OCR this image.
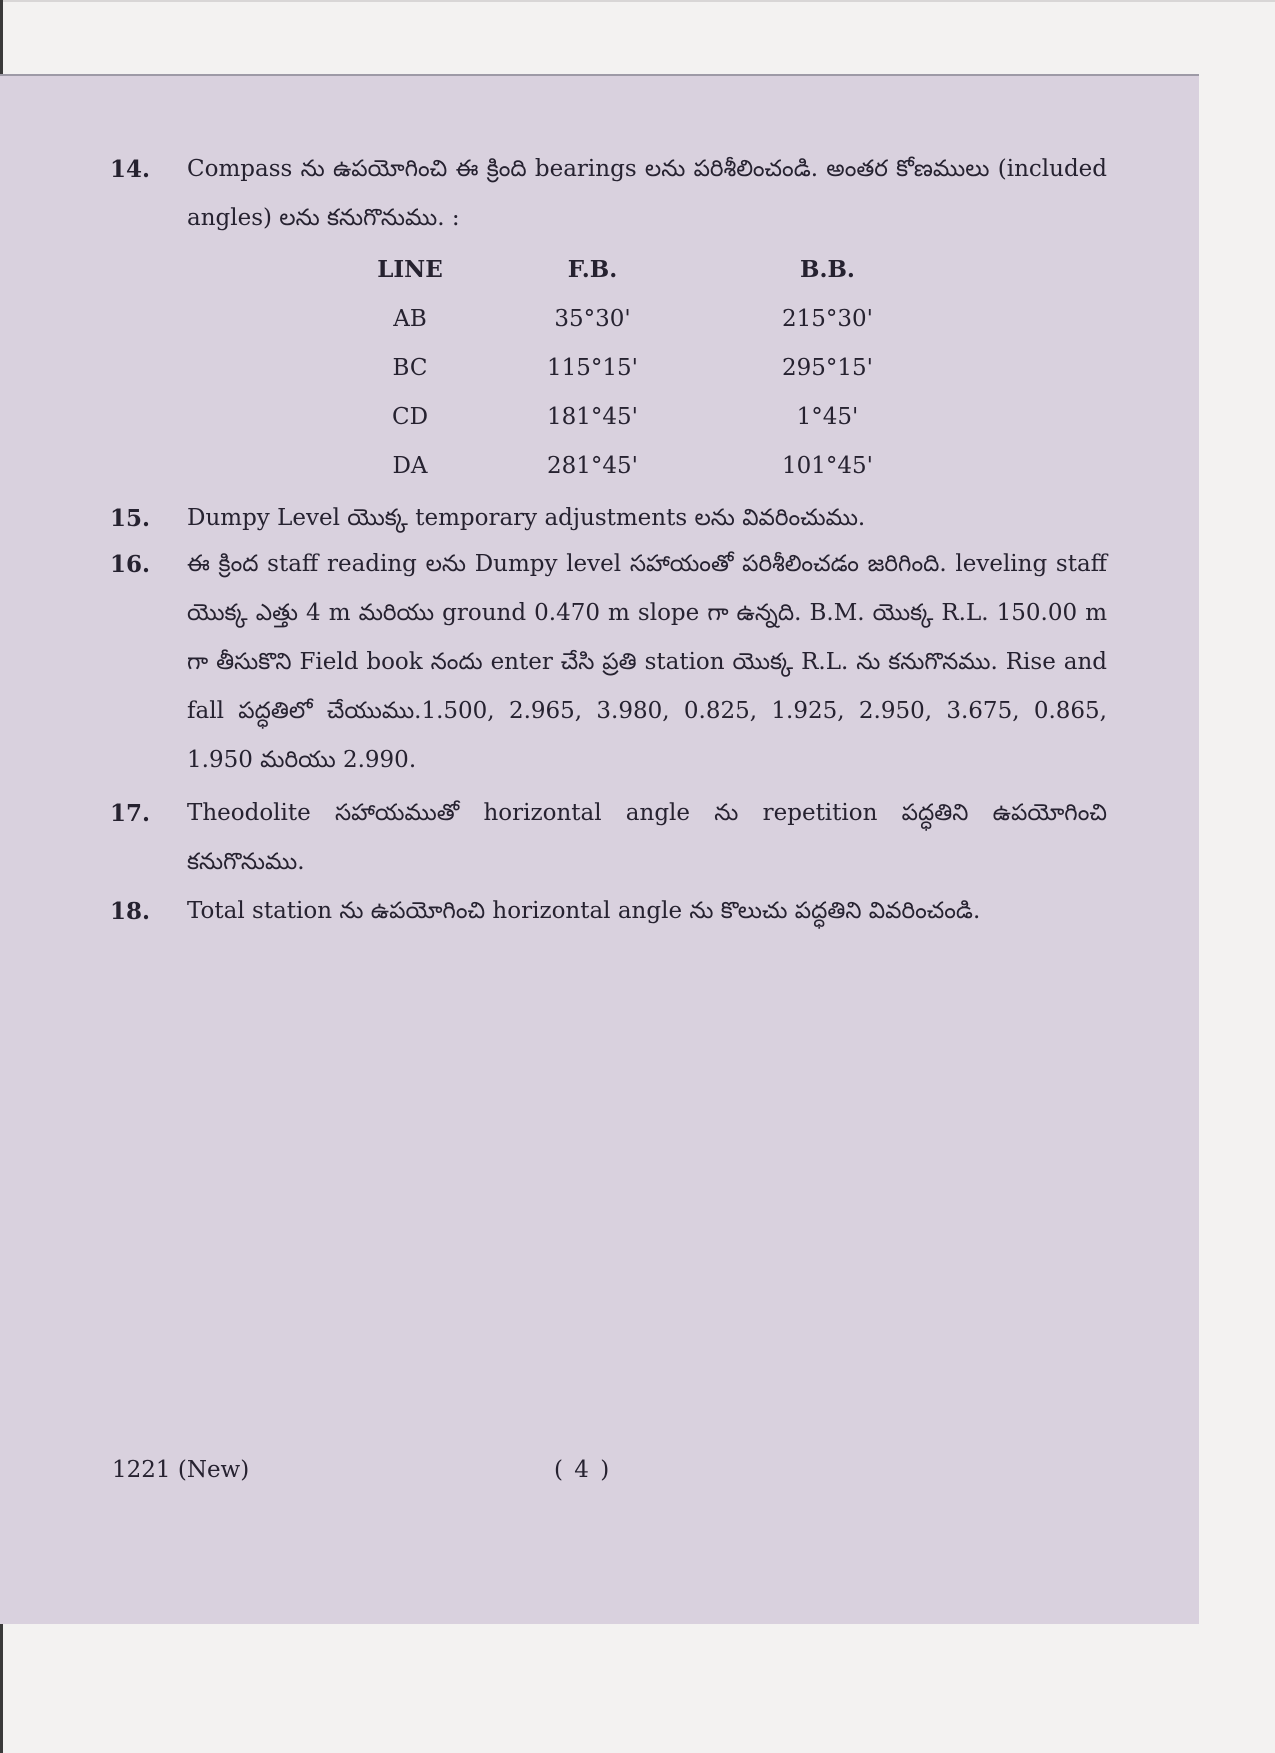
14.	Compass ను ఉపయోగించి ఈ క్రింది bearings లను పరిశీలించండి. అంతర కోణములు (included angles) లను కనుగొనుము. :
LINE	F.B.	B.B.
AB	35°30'	215°30'
BC	115°15'	295°15'
CD	181°45'	1°45'
DA	281°45'	101°45'
15.	Dumpy Level యొక్క temporary adjustments లను వివరించుము.
16.	ఈ క్రింద staff reading లను Dumpy level సహాయంతో పరిశీలించడం జరిగింది. leveling staff యొక్క ఎత్తు 4 m మరియు ground 0.470 m slope గా ఉన్నది. B.M. యొక్క R.L. 150.00 m గా తీసుకొని Field book నందు enter చేసి ప్రతి station యొక్క R.L. ను కనుగొనము. Rise and fall పద్ధతిలో చేయుము.1.500, 2.965, 3.980, 0.825, 1.925, 2.950, 3.675, 0.865, 1.950 మరియు 2.990.
17.	Theodolite సహాయముతో horizontal angle ను repetition పద్ధతిని ఉపయోగించి కనుగొనుము.
18.	Total station ను ఉపయోగించి horizontal angle ను కొలుచు పద్ధతిని వివరించండి.
1221 (New)	( 4 )
